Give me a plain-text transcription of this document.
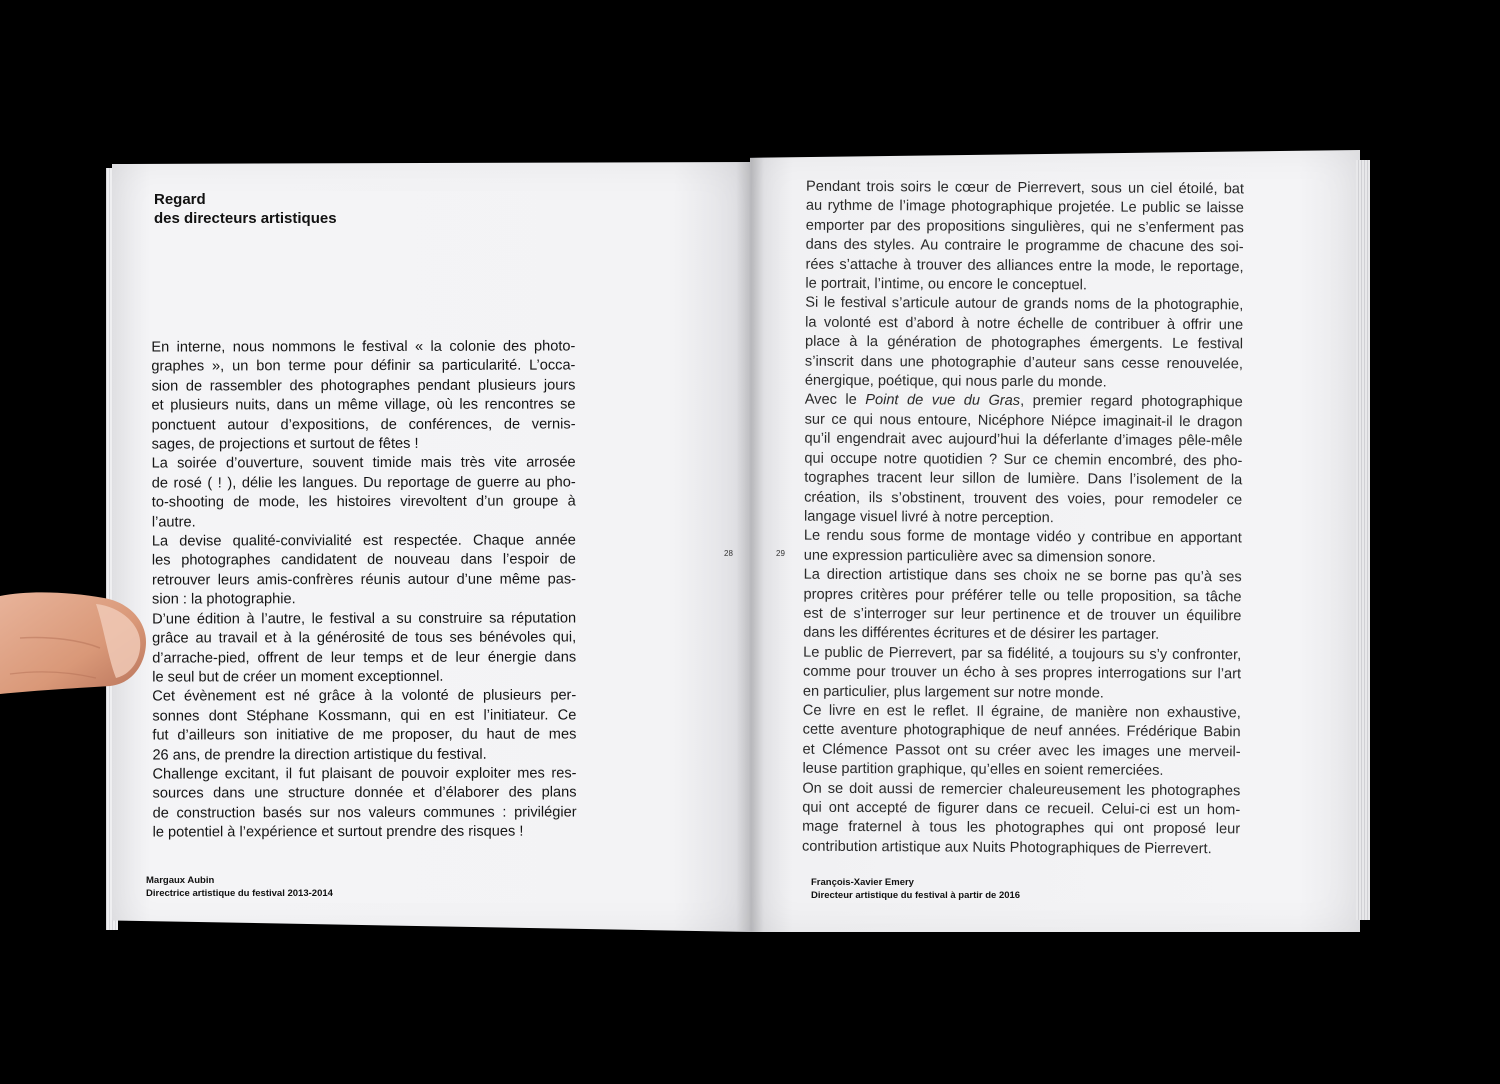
Regard
des directeurs artistiques

En interne, nous nommons le festival « la colonie des photo-
graphes », un bon terme pour définir sa particularité. L’occa-
sion de rassembler des photographes pendant plusieurs jours
et plusieurs nuits, dans un même village, où les rencontres se
ponctuent autour d’expositions, de conférences, de vernis-
sages, de projections et surtout de fêtes !

La soirée d’ouverture, souvent timide mais très vite arrosée
de rosé ( ! ), délie les langues. Du reportage de guerre au pho-
to-shooting de mode, les histoires virevoltent d’un groupe à
l’autre.

La devise qualité-convivialité est respectée. Chaque année
les photographes candidatent de nouveau dans l’espoir de
retrouver leurs amis-confrères réunis autour d’une même pas-
sion : la photographie.

D’une édition à l’autre, le festival a su construire sa réputation
grâce au travail et à la générosité de tous ses bénévoles qui,
d’arrache-pied, offrent de leur temps et de leur énergie dans
le seul but de créer un moment exceptionnel.

Cet évènement est né grâce à la volonté de plusieurs per-
sonnes dont Stéphane Kossmann, qui en est l’initiateur. Ce
fut d’ailleurs son initiative de me proposer, du haut de mes
26 ans, de prendre la direction artistique du festival.

Challenge excitant, il fut plaisant de pouvoir exploiter mes res-
sources dans une structure donnée et d’élaborer des plans
de construction basés sur nos valeurs communes : privilégier
le potentiel à l’expérience et surtout prendre des risques !

Pendant trois soirs le cœur de Pierrevert, sous un ciel étoilé, bat
au rythme de l’image photographique projetée. Le public se laisse
emporter par des propositions singulières, qui ne s’enferment pas
dans des styles. Au contraire le programme de chacune des soi-
rées s’attache à trouver des alliances entre la mode, le reportage,
le portrait, l’intime, ou encore le conceptuel.

Si le festival s’articule autour de grands noms de la photographie,
la volonté est d’abord à notre échelle de contribuer à offrir une
place à la génération de photographes émergents. Le festival
s’inscrit dans une photographie d’auteur sans cesse renouvelée,
énergique, poétique, qui nous parle du monde.

Avec le Point de vue du Gras, premier regard photographique
sur ce qui nous entoure, Nicéphore Niépce imaginait-il le dragon
qu’il engendrait avec aujourd’hui la déferlante d’images pêle-mêle
qui occupe notre quotidien ? Sur ce chemin encombré, des pho-
tographes tracent leur sillon de lumière. Dans l’isolement de la
création, ils s’obstinent, trouvent des voies, pour remodeler ce
langage visuel livré à notre perception.

Le rendu sous forme de montage vidéo y contribue en apportant
une expression particulière avec sa dimension sonore.

La direction artistique dans ses choix ne se borne pas qu’à ses
propres critères pour préférer telle ou telle proposition, sa tâche
est de s’interroger sur leur pertinence et de trouver un équilibre
dans les différentes écritures et de désirer les partager.

Le public de Pierrevert, par sa fidélité, a toujours su s’y confronter,
comme pour trouver un écho à ses propres interrogations sur l’art
en particulier, plus largement sur notre monde.

Ce livre en est le reflet. Il égraine, de manière non exhaustive,
cette aventure photographique de neuf années. Frédérique Babin
et Clémence Passot ont su créer avec les images une merveil-
leuse partition graphique, qu’elles en soient remerciées.

On se doit aussi de remercier chaleureusement les photographes
qui ont accepté de figurer dans ce recueil. Celui-ci est un hom-
mage fraternel à tous les photographes qui ont proposé leur
contribution artistique aux Nuits Photographiques de Pierrevert.

28	29
Margaux Aubin
Directrice artistique du festival 2013-2014
François-Xavier Emery
Directeur artistique du festival à partir de 2016
